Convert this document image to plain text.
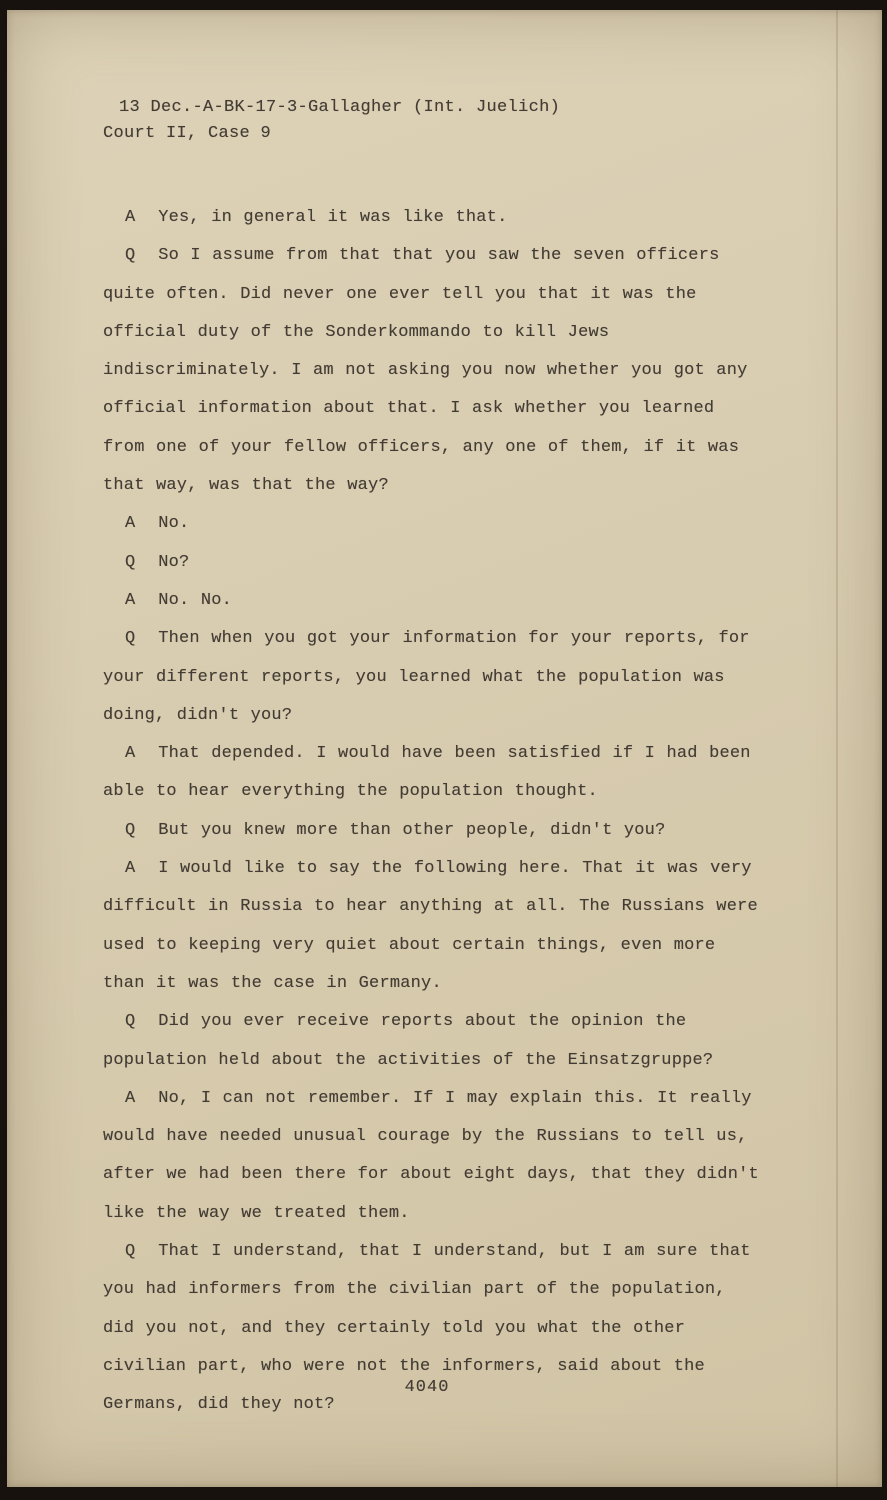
13 Dec.-A-BK-17-3-Gallagher (Int. Juelich)
Court II, Case 9

A  Yes, in general it was like that.

Q  So I assume from that that you saw the seven officers quite often. Did never one ever tell you that it was the official duty of the Sonderkommando to kill Jews indiscriminately. I am not asking you now whether you got any official information about that. I ask whether you learned from one of your fellow officers, any one of them, if it was that way, was that the way?

A  No.

Q  No?

A  No. No.

Q  Then when you got your information for your reports, for your different reports, you learned what the population was doing, didn't you?

A  That depended. I would have been satisfied if I had been able to hear everything the population thought.

Q  But you knew more than other people, didn't you?

A  I would like to say the following here. That it was very difficult in Russia to hear anything at all. The Russians were used to keeping very quiet about certain things, even more than it was the case in Germany.

Q  Did you ever receive reports about the opinion the population held about the activities of the Einsatzgruppe?

A  No, I can not remember. If I may explain this. It really would have needed unusual courage by the Russians to tell us, after we had been there for about eight days, that they didn't like the way we treated them.

Q  That I understand, that I understand, but I am sure that you had informers from the civilian part of the population, did you not, and they certainly told you what the other civilian part, who were not the informers, said about the Germans, did they not?

4040
